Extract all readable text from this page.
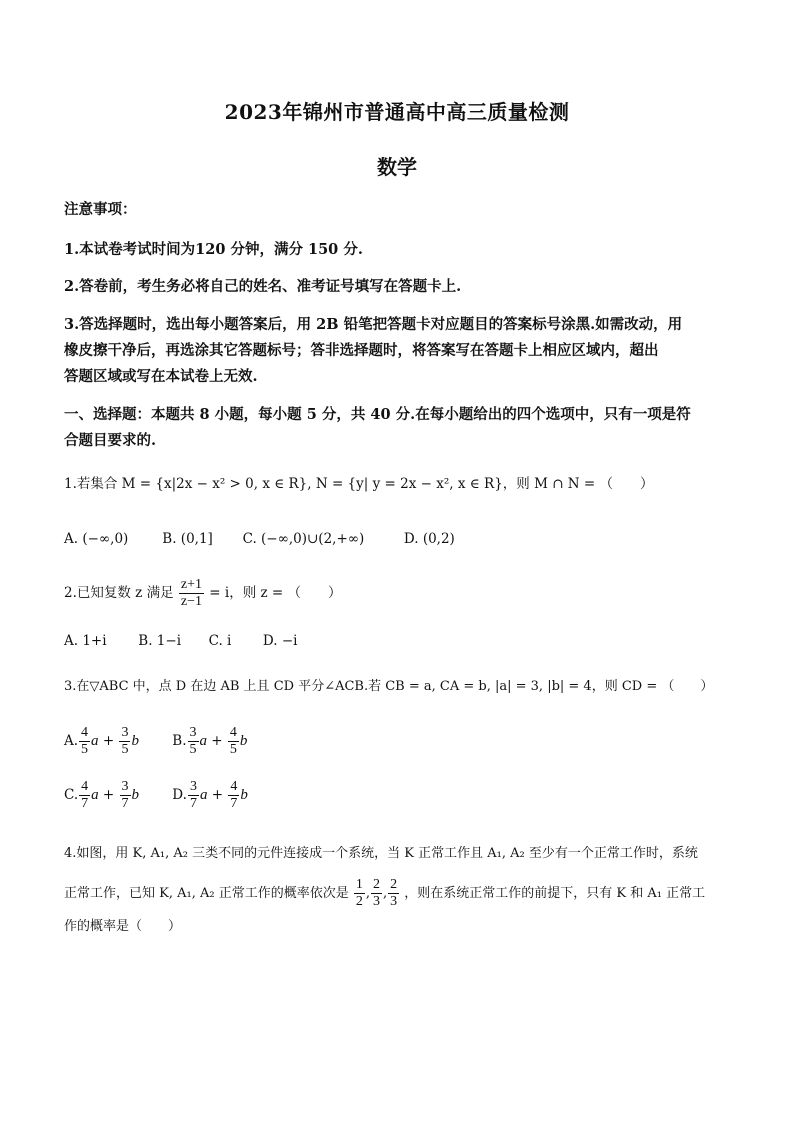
2023年锦州市普通高中高三质量检测
数学
注意事项：
1.本试卷考试时间为120 分钟，满分 150 分.
2.答卷前，考生务必将自己的姓名、准考证号填写在答题卡上.
3.答选择题时，选出每小题答案后，用 2B 铅笔把答题卡对应题目的答案标号涂黑.如需改动，用
橡皮擦干净后，再选涂其它答题标号；答非选择题时，将答案写在答题卡上相应区域内，超出
答题区域或写在本试卷上无效.
一、选择题：本题共 8 小题，每小题 5 分，共 40 分.在每小题给出的四个选项中，只有一项是符
合题目要求的.
1.若集合 M = {x|2x − x² > 0, x ∈ R}, N = {y| y = 2x − x², x ∈ R}，则 M ∩ N = （　　）
A. (−∞,0)	B. (0,1] C. (−∞,0)∪(2,+∞)	D. (0,2)
2.已知复数 z 满足 $\frac{z+1}{z-1} = i$，则 z = （　　）
A. 1+i B. 1−i C. i D. −i
3.在▽ABC 中，点 D 在边 AB 上且 CD 平分∠ACB.若 CB = a, CA = b, |a| = 3, |b| = 4，则 CD = （　　）
A. $\frac{4}{5}$ $a + \frac{3}{5}$ b B. $\frac{3}{5}$ $a + \frac{4}{5}$ b
C. $\frac{4}{7}$ $a + \frac{3}{7}$ b D. $\frac{3}{7}$ $a + \frac{4}{7}$ b
4.如图，用 K, A₁, A₂ 三类不同的元件连接成一个系统，当 K 正常工作且 A₁, A₂ 至少有一个正常工作时，系统
正常工作，已知 K, A₁, A₂ 正常工作的概率依次是 $\frac{1}{2}$ , $\frac{2}{3}$ , $\frac{2}{3}$ ，则在系统正常工作的前提下，只有 K 和 A₁ 正常工
作的概率是（　　）
